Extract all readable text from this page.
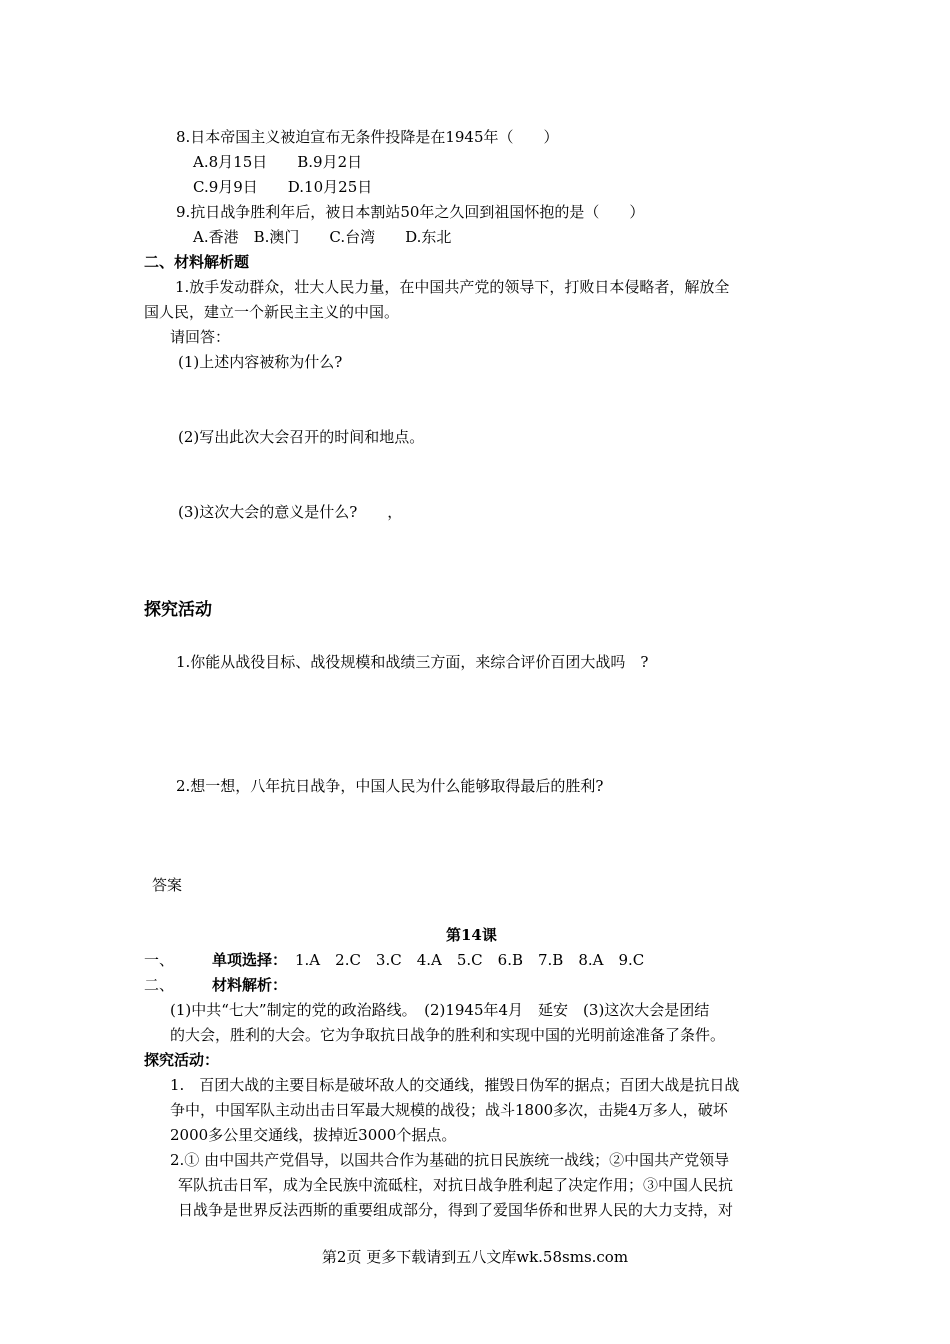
8.日本帝国主义被迫宣布无条件投降是在1945年（　　）
A.8月15日　　B.9月2日
C.9月9日　　D.10月25日
9.抗日战争胜利年后，被日本割站50年之久回到祖国怀抱的是（　　）
A.香港　B.澳门　　C.台湾　　D.东北
二、材料解析题
1.放手发动群众，壮大人民力量，在中国共产党的领导下，打败日本侵略者，解放全
国人民，建立一个新民主主义的中国。
请回答：
(1)上述内容被称为什么?
(2)写出此次大会召开的时间和地点。
(3)这次大会的意义是什么?　　，
探究活动
1.你能从战役目标、战役规模和战绩三方面，来综合评价百团大战吗　?
2.想一想，八年抗日战争，中国人民为什么能够取得最后的胜利?
答案
第14课
一、	单项选择： 1.A　2.C　3.C　4.A　5.C　6.B　7.B　8.A　9.C
二、	材料解析：
(1)中共“七大”制定的党的政治路线。　(2)1945年4月　延安　(3)这次大会是团结
的大会，胜利的大会。它为争取抗日战争的胜利和实现中国的光明前途准备了条件。
探究活动：
1.　百团大战的主要目标是破坏敌人的交通线，摧毁日伪军的据点；百团大战是抗日战
争中，中国军队主动出击日军最大规模的战役；战斗1800多次，击毙4万多人，破坏
2000多公里交通线，拔掉近3000个据点。
2.① 由中国共产党倡导，以国共合作为基础的抗日民族统一战线；②中国共产党领导
军队抗击日军，成为全民族中流砥柱，对抗日战争胜利起了决定作用；③中国人民抗
日战争是世界反法西斯的重要组成部分，得到了爱国华侨和世界人民的大力支持，对
第2页 更多下载请到五八文库wk.58sms.com
